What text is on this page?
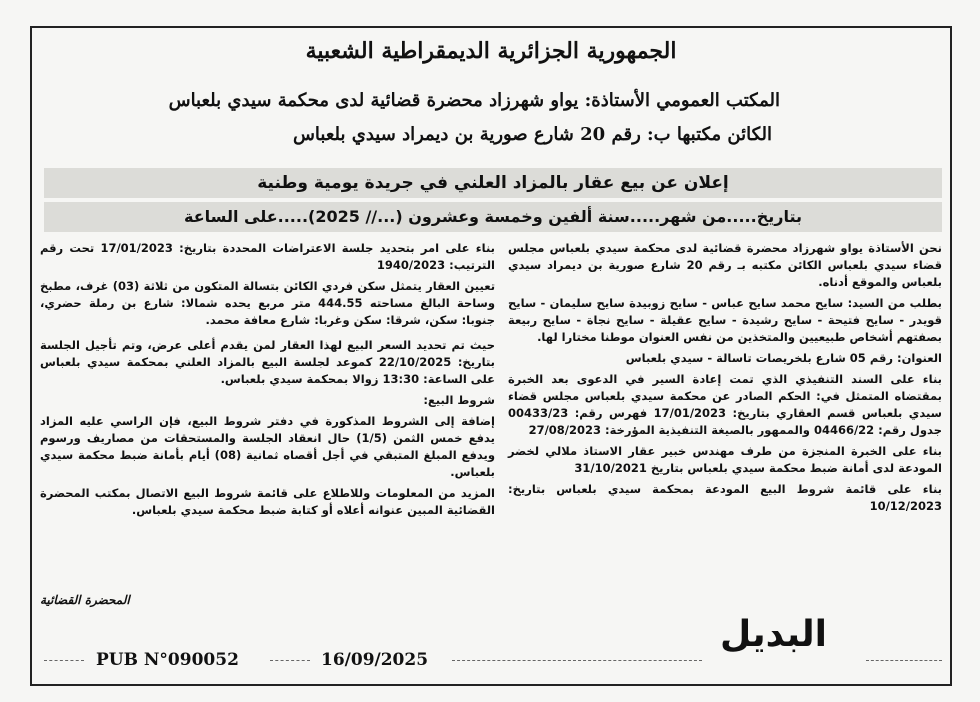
الجمهورية الجزائرية الديمقراطية الشعبية
المكتب العمومي الأستاذة: يواو شهرزاد محضرة قضائية لدى محكمة سيدي بلعباس
الكائن مكتبها ب: رقم 20 شارع صورية بن ديمراد سيدي بلعباس
إعلان عن بيع عقار بالمزاد العلني في جريدة يومية وطنية
بتاريخ.....من شهر.....سنة ألفين وخمسة وعشرون (...// 2025).....على الساعة

نحن الأستاذة يواو شهرزاد محضرة قضائية لدى محكمة سيدي بلعباس مجلس قضاء سيدي بلعباس الكائن مكتبه بـ رقم 20 شارع صورية بن ديمراد سيدي بلعباس والموقع أدناه.

بطلب من السيد: سايح محمد سايح عباس - سايح زوبيدة سايح سليمان - سايح قويدر - سايح فتيحة - سايح رشيدة - سايح عقيلة - سايح نجاة - سايح ربيعة بصفتهم أشخاص طبيعيين والمتخذين من نفس العنوان موطنا مختارا لها.

العنوان: رقم 05 شارع بلخريصات تاسالة - سيدي بلعباس

بناء على السند التنفيذي الذي تمت إعادة السير في الدعوى بعد الخبرة بمقتضاه المتمثل في: الحكم الصادر عن محكمة سيدي بلعباس مجلس قضاء سيدي بلعباس قسم العقاري بتاريخ: 17/01/2023 فهرس رقم: 00433/23 جدول رقم: 04466/22 والممهور بالصيغة التنفيذية المؤرخة: 27/08/2023

بناء على الخبرة المنجزة من طرف مهندس خبير عقار الاستاذ ملالي لخضر المودعة لدى أمانة ضبط محكمة سيدي بلعباس بتاريخ 31/10/2021

بناء على قائمة شروط البيع المودعة بمحكمة سيدي بلعباس بتاريخ: 10/12/2023

بناء على امر بتحديد جلسة الاعتراضات المحددة بتاريخ: 17/01/2023 تحت رقم الترتيب: 1940/2023

تعيين العقار يتمثل سكن فردي الكائن بتسالة المتكون من ثلاثة (03) غرف، مطبخ وساحة البالغ مساحته 444.55 متر مربع يحده شمالا: شارع بن رملة حضري، جنوبا: سكن، شرقا: سكن وغربا: شارع معافة محمد.

حيث تم تحديد السعر البيع لهذا العقار لمن يقدم أعلى عرض، وتم تأجيل الجلسة بتاريخ: 22/10/2025 كموعد لجلسة البيع بالمزاد العلني بمحكمة سيدي بلعباس على الساعة: 13:30 زوالا بمحكمة سيدي بلعباس.

شروط البيع:

إضافة إلى الشروط المذكورة في دفتر شروط البيع، فإن الراسي عليه المزاد يدفع خمس الثمن (1/5) حال انعقاد الجلسة والمستحقات من مصاريف ورسوم ويدفع المبلغ المتبقي في أجل أقصاه ثمانية (08) أيام بأمانة ضبط محكمة سيدي بلعباس.

المزيد من المعلومات وللاطلاع على قائمة شروط البيع الاتصال بمكتب المحضرة القضائية المبين عنوانه أعلاه أو كتابة ضبط محكمة سيدي بلعباس.

المحضرة القضائية
PUB N°090052	16/09/2025
البديل
